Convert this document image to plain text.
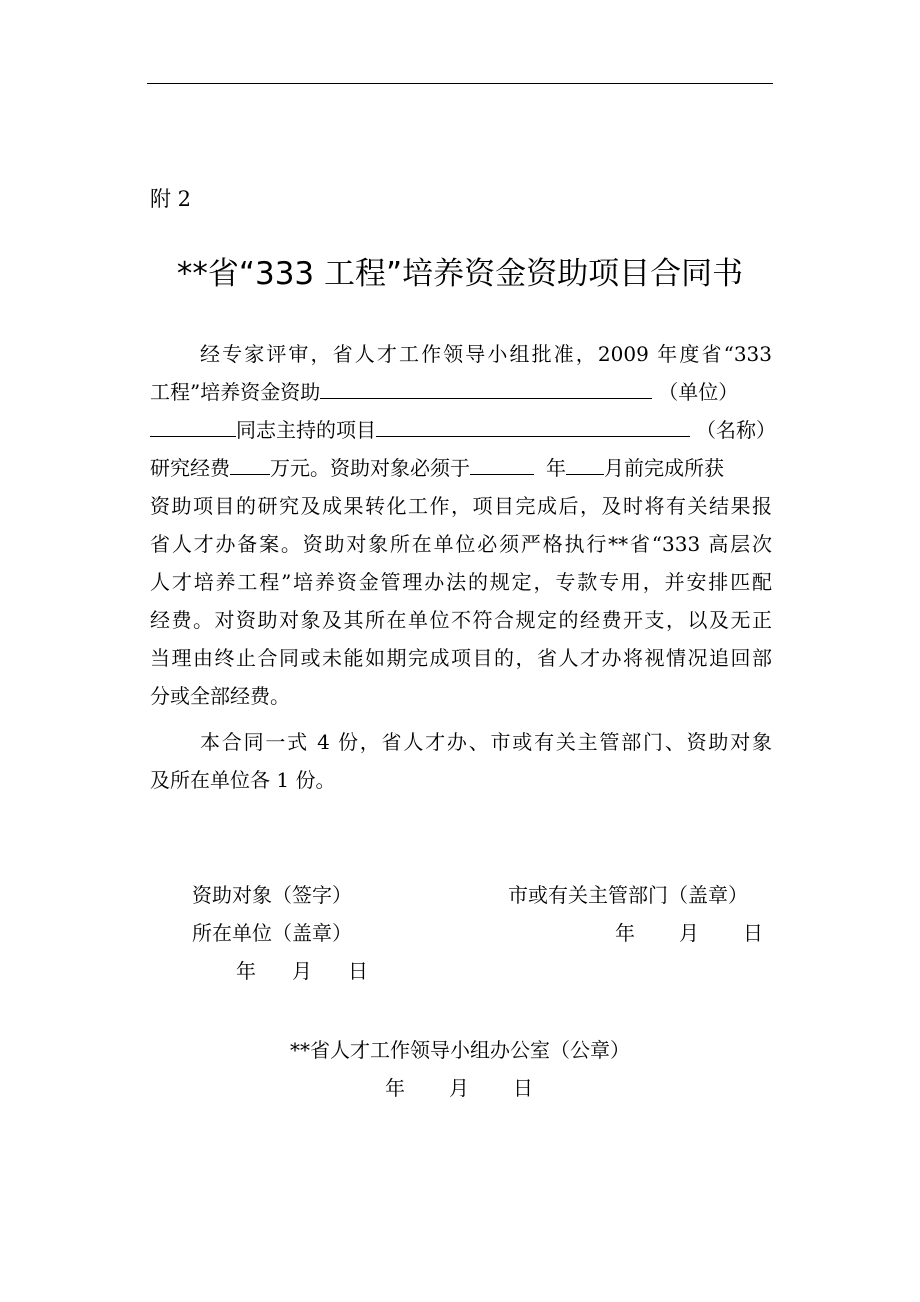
附 2
**省“333 工程”培养资金资助项目合同书
经专家评审，省人才工作领导小组批准，2009 年度省“333
工程”培养资金资助	（单位）
同志主持的项目	（名称）
研究经费 万元。资助对象必须于	年 月前完成所获
资助项目的研究及成果转化工作，项目完成后，及时将有关结果报
省人才办备案。资助对象所在单位必须严格执行**省“333 高层次
人才培养工程”培养资金管理办法的规定，专款专用，并安排匹配
经费。对资助对象及其所在单位不符合规定的经费开支，以及无正
当理由终止合同或未能如期完成项目的，省人才办将视情况追回部
分或全部经费。
本合同一式 4 份，省人才办、市或有关主管部门、资助对象
及所在单位各 1 份。
资助对象（签字）	市或有关主管部门（盖章）
所在单位（盖章）	年 月 日
年 月 日
**省人才工作领导小组办公室（公章）
年 月 日
